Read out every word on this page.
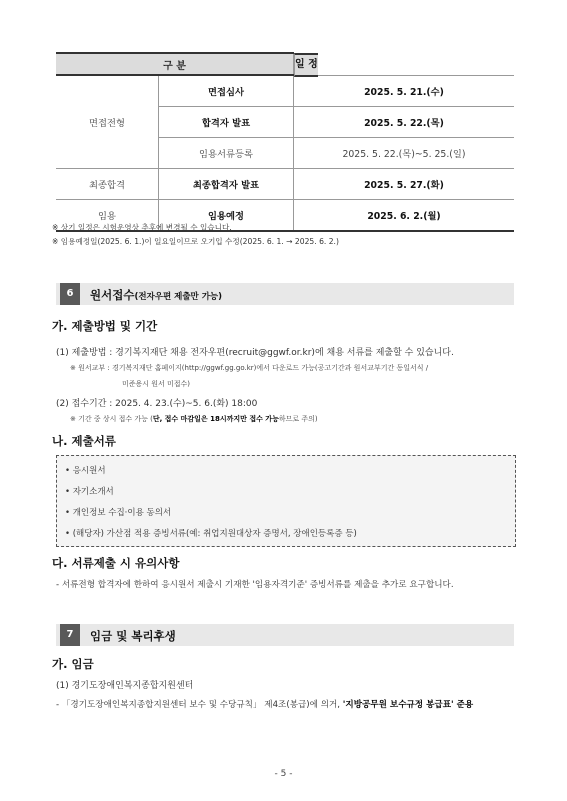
구 분		일 정

면접전형	면접심사	2025. 5. 21.(수)
	합격자 발표	2025. 5. 22.(목)
	임용서류등록	2025. 5. 22.(목)~5. 25.(일)
최종합격	최종합격자 발표	2025. 5. 27.(화)
임용	임용예정	2025. 6. 2.(월)
※ 상기 일정은 시험운영상 추후에 변경될 수 있습니다.
※ 임용예정일(2025. 6. 1.)이 일요일이므로 오기입 수정(2025. 6. 1. → 2025. 6. 2.)
6	원서접수(전자우편 제출만 가능)
가. 제출방법 및 기간
(1) 제출방법 : 경기복지재단 채용 전자우편(recruit@ggwf.or.kr)에 채용 서류를 제출할 수 있습니다.
※ 원서교부 : 경기복지재단 홈페이지(http://ggwf.gg.go.kr)에서 다운로드 가능(공고기간과 원서교부기간 동일서식 /
미준용시 원서 미접수)
(2) 접수기간 : 2025. 4. 23.(수)~5. 6.(화) 18:00
※ 기간 중 상시 접수 가능 (단, 접수 마감일은 18시까지만 접수 가능하므로 주의)
나. 제출서류
• 응시원서
• 자기소개서
• 개인정보 수집·이용 동의서
• (해당자) 가산점 적용 증빙서류(예: 취업지원대상자 증명서, 장애인등록증 등)
다. 서류제출 시 유의사항
- 서류전형 합격자에 한하여 응시원서 제출시 기재한 '임용자격기준' 증빙서류를 제출을 추가로 요구합니다.
7	임금 및 복리후생
가. 임금
(1) 경기도장애인복지종합지원센터
- 「경기도장애인복지종합지원센터 보수 및 수당규칙」 제4조(봉급)에 의거, '지방공무원 보수규정 봉급표' 준용
- 5 -
